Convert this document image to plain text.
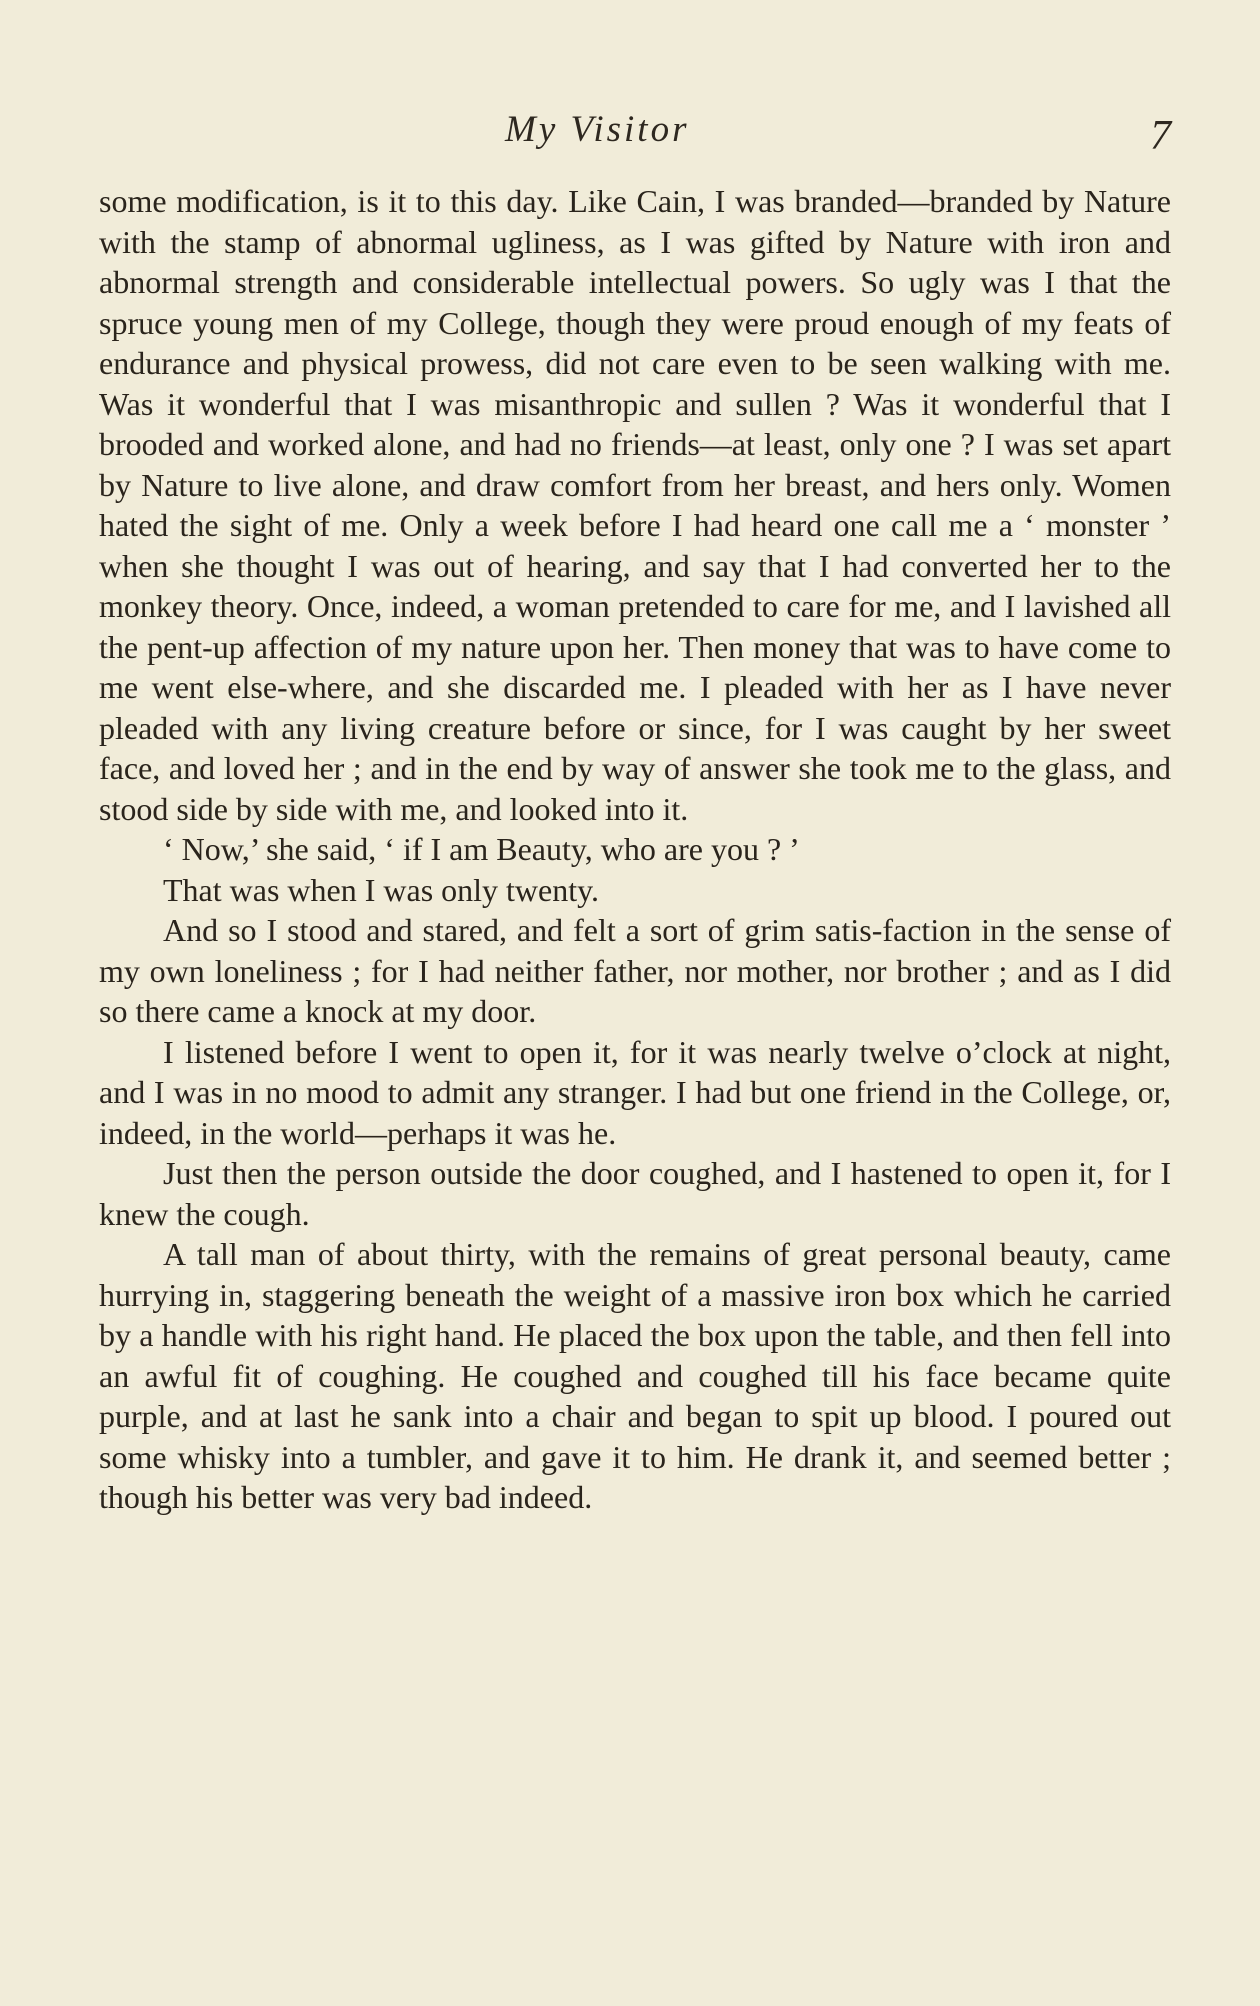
My Visitor	7

some modification, is it to this day. Like Cain, I was branded—branded by Nature with the stamp of abnormal ugliness, as I was gifted by Nature with iron and abnormal strength and considerable intellectual powers. So ugly was I that the spruce young men of my College, though they were proud enough of my feats of endurance and physical prowess, did not care even to be seen walking with me. Was it wonderful that I was misanthropic and sullen ? Was it wonderful that I brooded and worked alone, and had no friends—at least, only one ? I was set apart by Nature to live alone, and draw comfort from her breast, and hers only. Women hated the sight of me. Only a week before I had heard one call me a ‘ monster ’ when she thought I was out of hearing, and say that I had converted her to the monkey theory. Once, indeed, a woman pretended to care for me, and I lavished all the pent-up affection of my nature upon her. Then money that was to have come to me went else-where, and she discarded me. I pleaded with her as I have never pleaded with any living creature before or since, for I was caught by her sweet face, and loved her ; and in the end by way of answer she took me to the glass, and stood side by side with me, and looked into it.

‘ Now,’ she said, ‘ if I am Beauty, who are you ? ’

That was when I was only twenty.

And so I stood and stared, and felt a sort of grim satis-faction in the sense of my own loneliness ; for I had neither father, nor mother, nor brother ; and as I did so there came a knock at my door.

I listened before I went to open it, for it was nearly twelve o’clock at night, and I was in no mood to admit any stranger. I had but one friend in the College, or, indeed, in the world—perhaps it was he.

Just then the person outside the door coughed, and I hastened to open it, for I knew the cough.

A tall man of about thirty, with the remains of great personal beauty, came hurrying in, staggering beneath the weight of a massive iron box which he carried by a handle with his right hand. He placed the box upon the table, and then fell into an awful fit of coughing. He coughed and coughed till his face became quite purple, and at last he sank into a chair and began to spit up blood. I poured out some whisky into a tumbler, and gave it to him. He drank it, and seemed better ; though his better was very bad indeed.
